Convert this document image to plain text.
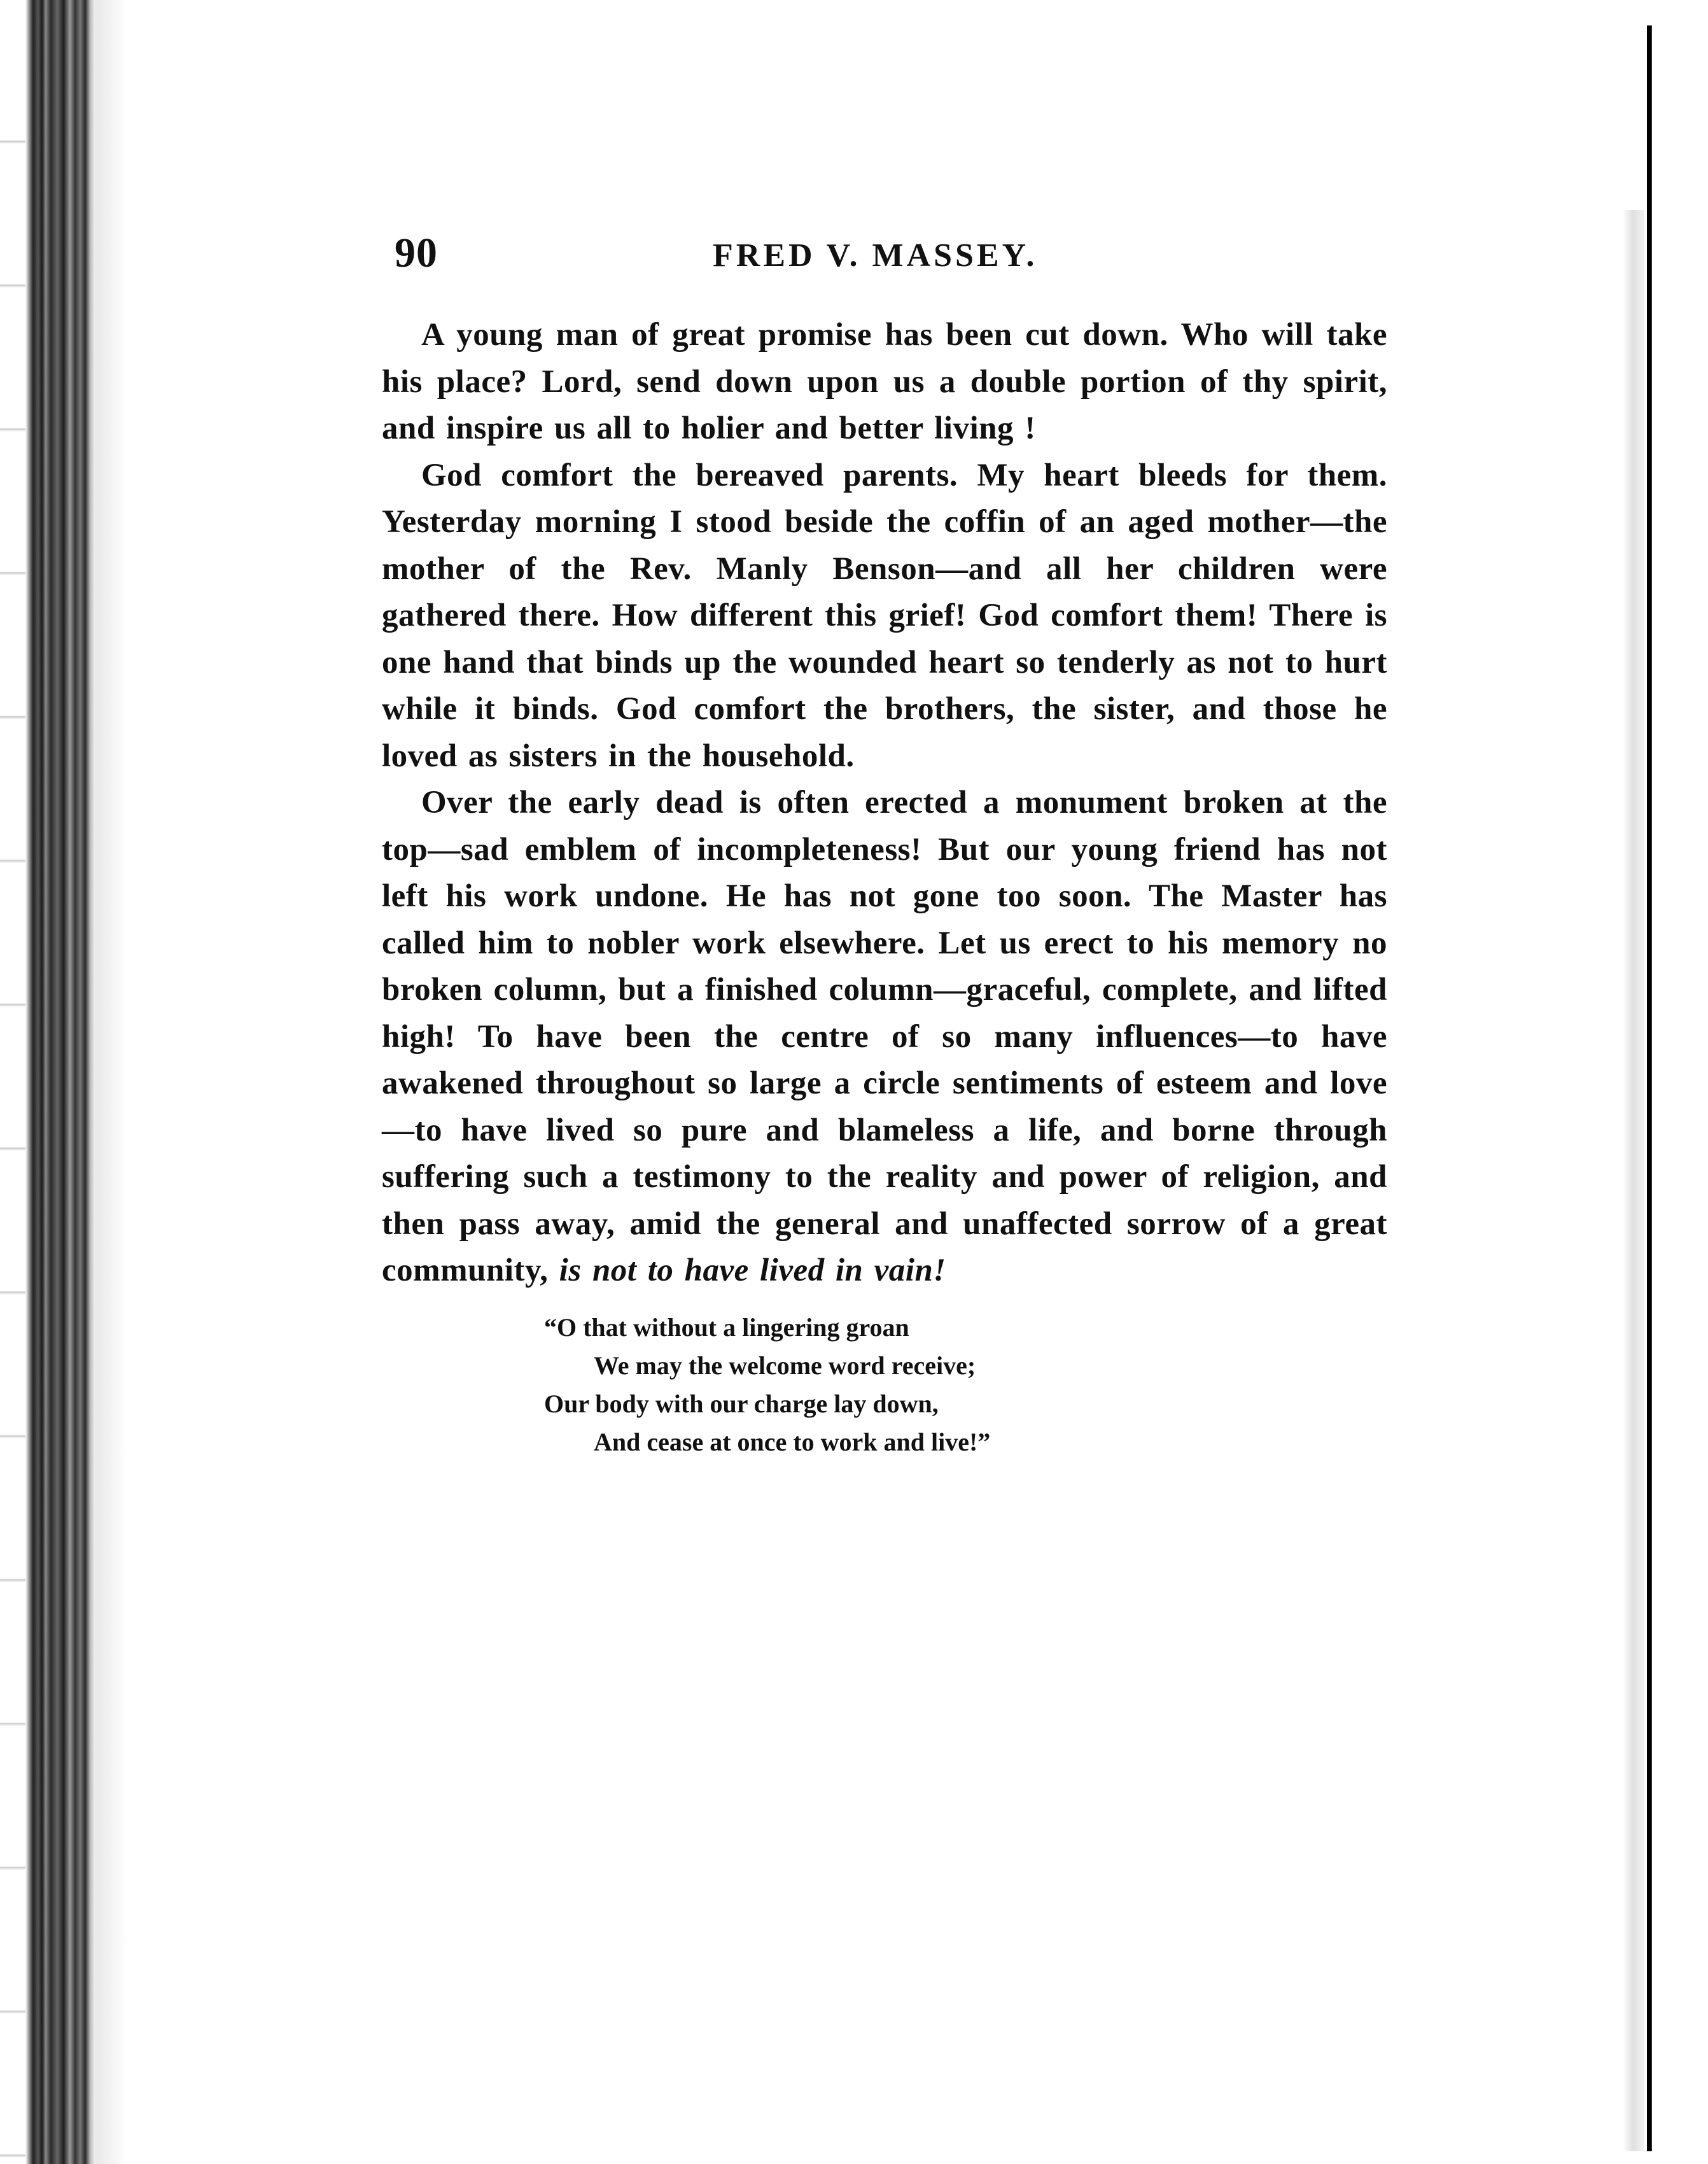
90	FRED V. MASSEY.

A young man of great promise has been cut down. Who will take his place? Lord, send down upon us a double portion of thy spirit, and inspire us all to holier and better living !

God comfort the bereaved parents. My heart bleeds for them. Yesterday morning I stood beside the coffin of an aged mother—the mother of the Rev. Manly Benson—and all her children were gathered there. How different this grief! God comfort them! There is one hand that binds up the wounded heart so tenderly as not to hurt while it binds. God comfort the brothers, the sister, and those he loved as sisters in the household.

Over the early dead is often erected a monument broken at the top—sad emblem of incompleteness! But our young friend has not left his work undone. He has not gone too soon. The Master has called him to nobler work elsewhere. Let us erect to his memory no broken column, but a finished column—graceful, complete, and lifted high! To have been the centre of so many influences—to have awakened throughout so large a circle sentiments of esteem and love—to have lived so pure and blameless a life, and borne through suffering such a testimony to the reality and power of religion, and then pass away, amid the general and unaffected sorrow of a great community, is not to have lived in vain!

“O that without a lingering groan
We may the welcome word receive;
Our body with our charge lay down,
And cease at once to work and live!”
